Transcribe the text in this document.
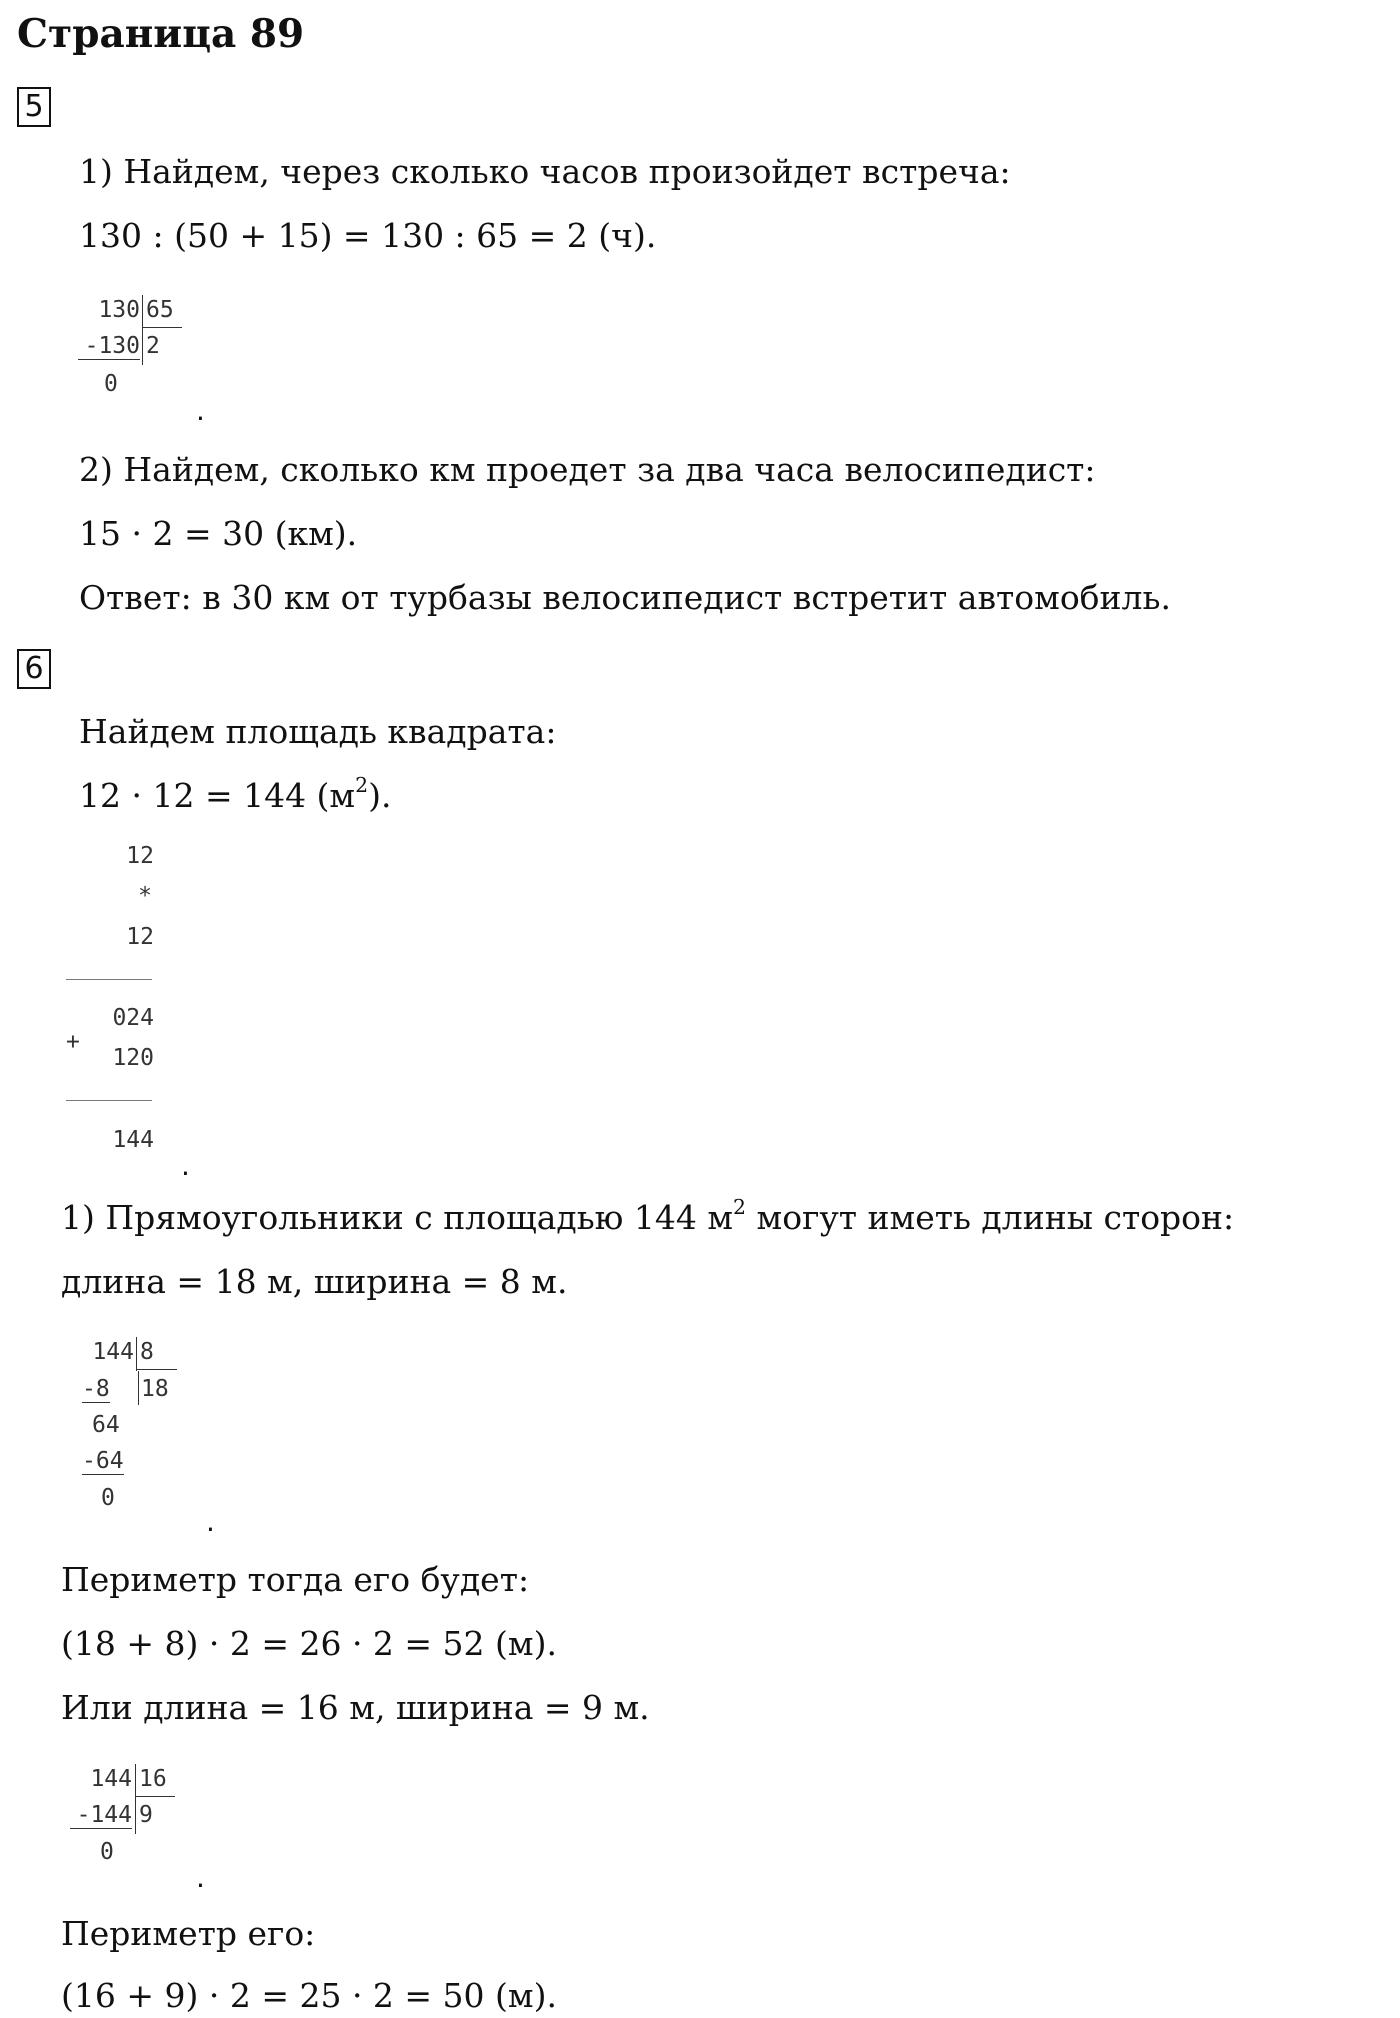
Страница 89
5
1) Найдем, через сколько часов произойдет встреча:
130 : (50 + 15) = 130 : 65 = 2 (ч).
130 65
-130 2
0
.
2) Найдем, сколько км проедет за два часа велосипедист:
15 · 2 = 30 (км).
Ответ: в 30 км от турбазы велосипедист встретит автомобиль.
6
Найдем площадь квадрата:
12 · 12 = 144 $(м^2)$.
12
*
12
+
024
120
144
.
1) Прямоугольники с площадью 144 $м^2$ могут иметь длины сторон:
длина = 18 м, ширина = 8 м.
144 8
-8 18
64
-64
0
.
Периметр тогда его будет:
(18 + 8) · 2 = 26 · 2 = 52 (м).
Или длина = 16 м, ширина = 9 м.
144 16
-144 9
0
.
Периметр его:
(16 + 9) · 2 = 25 · 2 = 50 (м).
